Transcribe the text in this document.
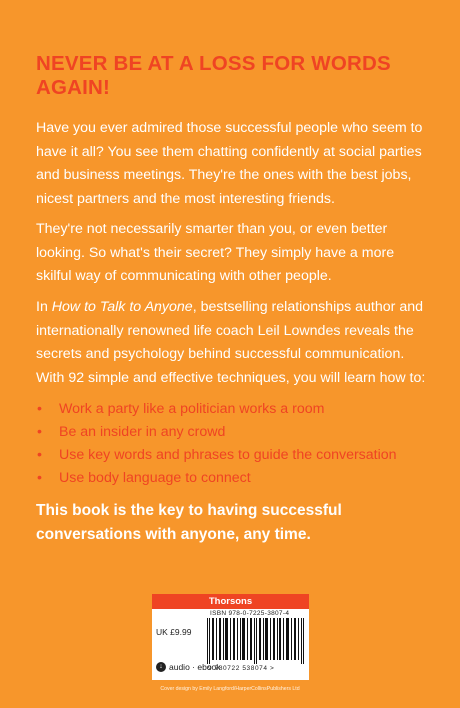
NEVER BE AT A LOSS FOR WORDS AGAIN!

Have you ever admired those successful people who seem to have it all? You see them chatting confidently at social parties and business meetings. They're the ones with the best jobs, nicest partners and the most interesting friends.

They're not necessarily smarter than you, or even better looking. So what's their secret? They simply have a more skilful way of communicating with other people.

In How to Talk to Anyone, bestselling relationships author and internationally renowned life coach Leil Lowndes reveals the secrets and psychology behind successful communication. With 92 simple and effective techniques, you will learn how to:

• Work a party like a politician works a room
• Be an insider in any crowd
• Use key words and phrases to guide the conversation
• Use body language to connect

This book is the key to having successful conversations with anyone, any time.

Thorsons
ISBN 978-0-7225-3807-4
UK £9.99
9 780722 538074 >
↓ audio · ebook
Cover design by Emily Langford/HarperCollinsPublishers Ltd
